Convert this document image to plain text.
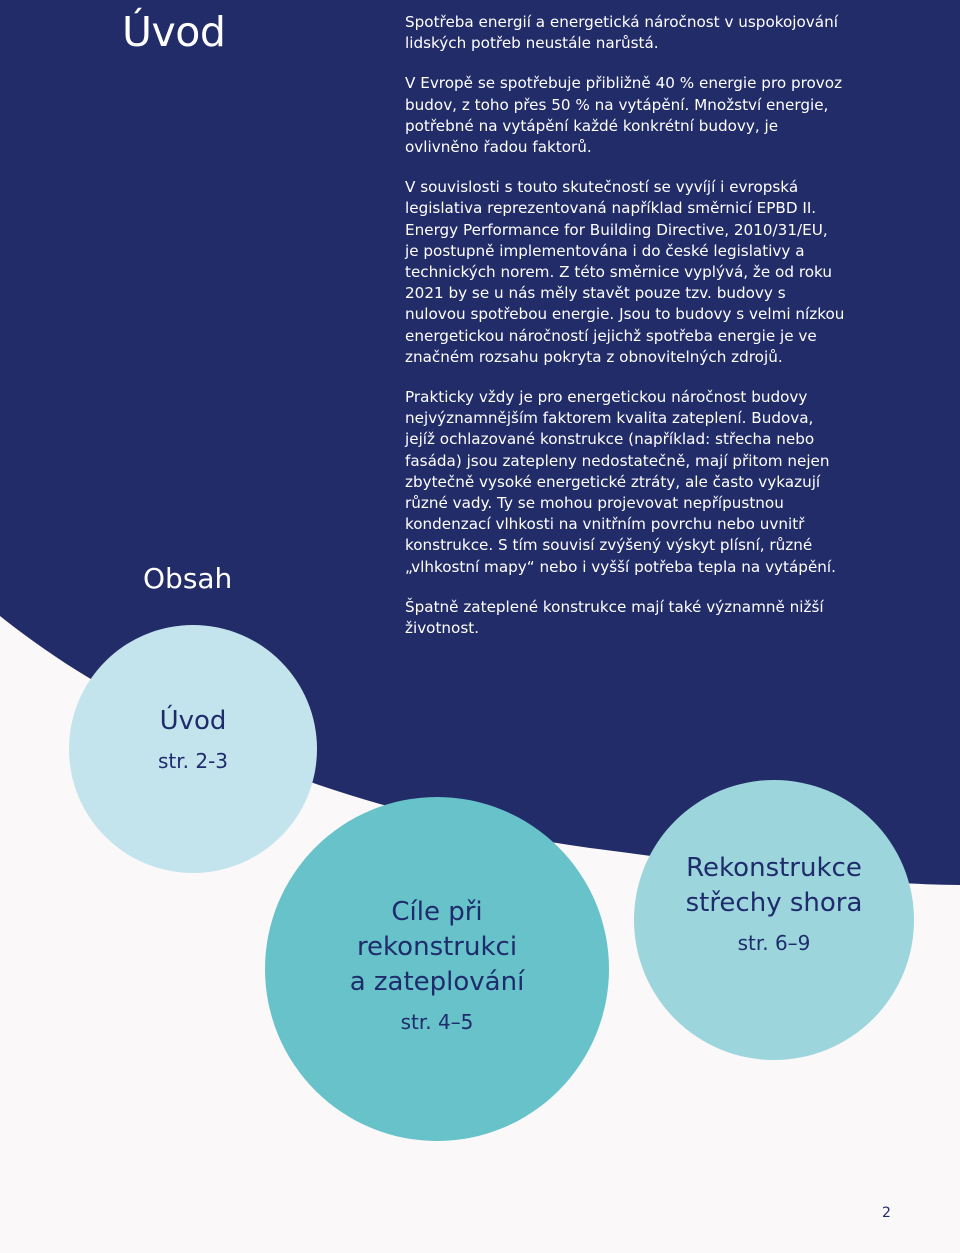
Úvod	Spotřeba energií a energetická náročnost v uspokojování lidských potřeb neustále narůstá.

V Evropě se spotřebuje přibližně 40 % energie pro provoz budov, z toho přes 50 % na vytápění. Množství energie, potřebné na vytápění každé konkrétní budovy, je ovlivněno řadou faktorů.

V souvislosti s touto skutečností se vyvíjí i evropská legislativa reprezentovaná například směrnicí EPBD II. Energy Performance for Building Directive, 2010/31/EU, je postupně implementována i do české legislativy a technických norem. Z této směrnice vyplývá, že od roku 2021 by se u nás měly stavět pouze tzv. budovy s nulovou spotřebou energie. Jsou to budovy s velmi nízkou energetickou náročností jejichž spotřeba energie je ve značném rozsahu pokryta z obnovitelných zdrojů.

Prakticky vždy je pro energetickou náročnost budovy nejvýznamnějším faktorem kvalita zateplení. Budova, jejíž ochlazované konstrukce (například: střecha nebo fasáda) jsou zatepleny nedostatečně, mají přitom nejen zbytečně vysoké energetické ztráty, ale často vykazují různé vady. Ty se mohou projevovat nepřípustnou kondenzací vlhkosti na vnitřním povrchu nebo uvnitř konstrukce. S tím souvisí zvýšený výskyt plísní, různé „vlhkostní mapy“ nebo i vyšší potřeba tepla na vytápění.

Špatně zateplené konstrukce mají také významně nižší životnost.

Obsah
Úvod
str. 2-3
Cíle při rekonstrukci a zateplování
str. 4–5
Rekonstrukce střechy shora
str. 6–9
2
